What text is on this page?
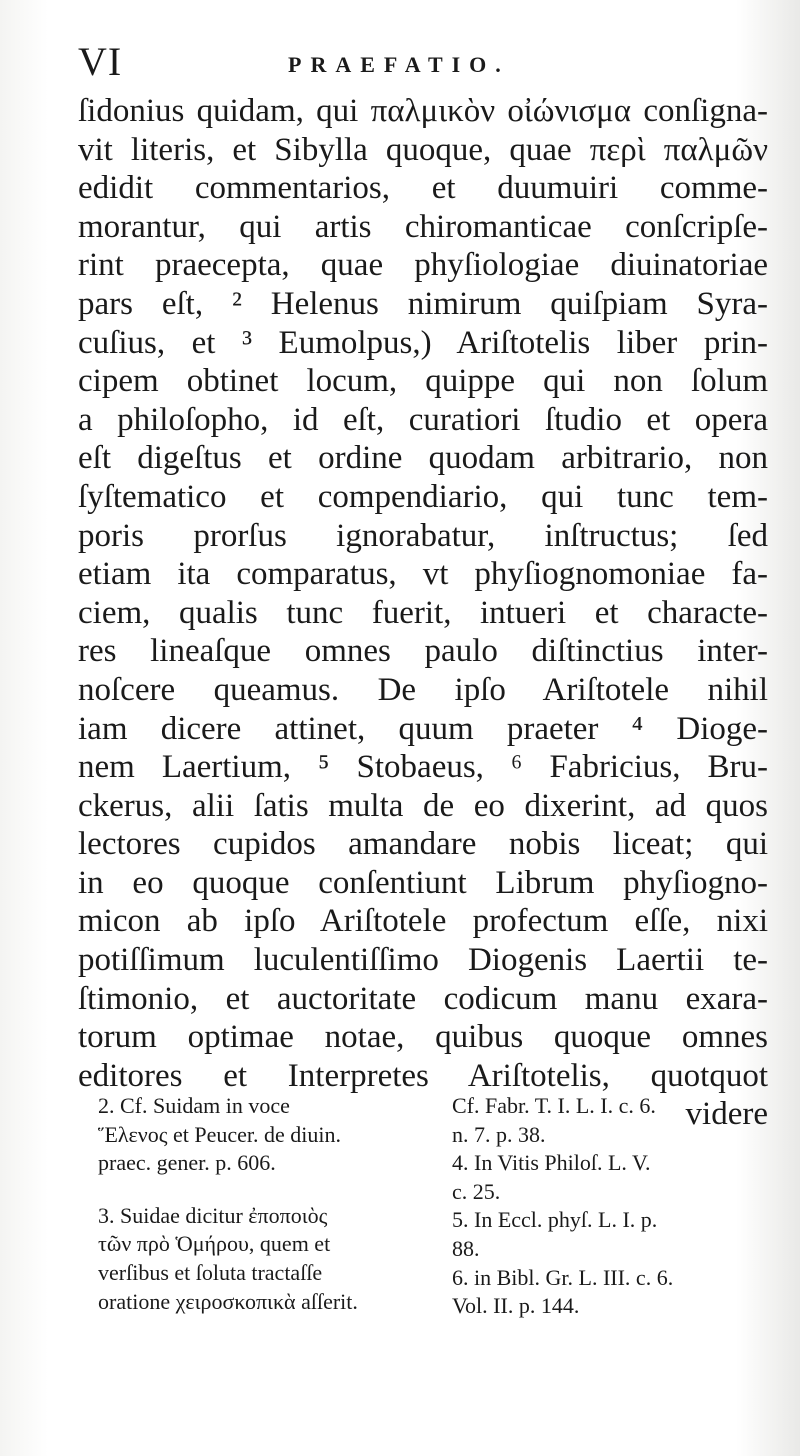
VI	PRAEFATIO.
ſidonius quidam, qui παλμικὸν οἰώνισμα conſigna-
vit literis, et Sibylla quoque, quae περὶ παλμῶν
edidit commentarios, et duumuiri comme-
morantur, qui artis chiromanticae conſcripſe-
rint praecepta, quae phyſiologiae diuinatoriae
pars eſt, ² Helenus nimirum quiſpiam Syra-
cuſius, et ³ Eumolpus,) Ariſtotelis liber prin-
cipem obtinet locum, quippe qui non ſolum
a philoſopho, id eſt, curatiori ſtudio et opera
eſt digeſtus et ordine quodam arbitrario, non
ſyſtematico et compendiario, qui tunc tem-
poris prorſus ignorabatur, inſtructus; ſed
etiam ita comparatus, vt phyſiognomoniae fa-
ciem, qualis tunc fuerit, intueri et characte-
res lineaſque omnes paulo diſtinctius inter-
noſcere queamus. De ipſo Ariſtotele nihil
iam dicere attinet, quum praeter ⁴ Dioge-
nem Laertium, ⁵ Stobaeus, ⁶ Fabricius, Bru-
ckerus, alii ſatis multa de eo dixerint, ad quos
lectores cupidos amandare nobis liceat; qui
in eo quoque conſentiunt Librum phyſiogno-
micon ab ipſo Ariſtotele profectum eſſe, nixi
potiſſimum luculentiſſimo Diogenis Laertii te-
ſtimonio, et auctoritate codicum manu exara-
torum optimae notae, quibus quoque omnes
editores et Interpretes Ariſtotelis, quotquot
videre
2. Cf. Suidam in voce
Ἕλενος et Peucer. de diuin.
praec. gener. p. 606.
3. Suidae dicitur ἐποποιὸς
τῶν πρὸ Ὁμήρου, quem et
verſibus et ſoluta tractaſſe
oratione χειροσκοπικὰ aſſerit.
Cf. Fabr. T. I. L. I. c. 6.
n. 7. p. 38.
4. In Vitis Philoſ. L. V.
c. 25.
5. In Eccl. phyſ. L. I. p.
88.
6. in Bibl. Gr. L. III. c. 6.
Vol. II. p. 144.
